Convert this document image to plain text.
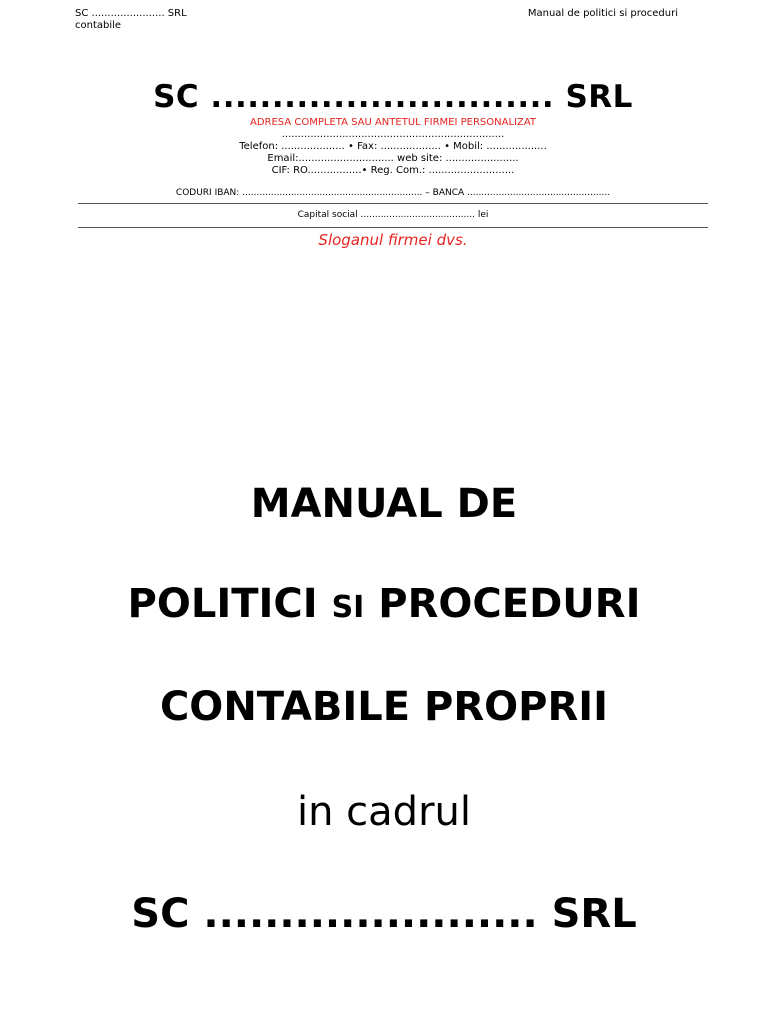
SC ....................... SRL
contabile
Manual de politici si proceduri
SC ............................ SRL
ADRESA COMPLETA SAU ANTETUL FIRMEI PERSONALIZAT
......................................................................
Telefon: .................... • Fax: ................... • Mobil: ...................
Email:.............................. web site: .......................
CIF: RO.................• Reg. Com.: ...........................
CODURI IBAN: ............................................................... – BANCA ..................................................
Capital social ........................................ lei
Sloganul firmei dvs.
MANUAL DE
POLITICI SI PROCEDURI
CONTABILE PROPRII
in cadrul
SC ...................... SRL
